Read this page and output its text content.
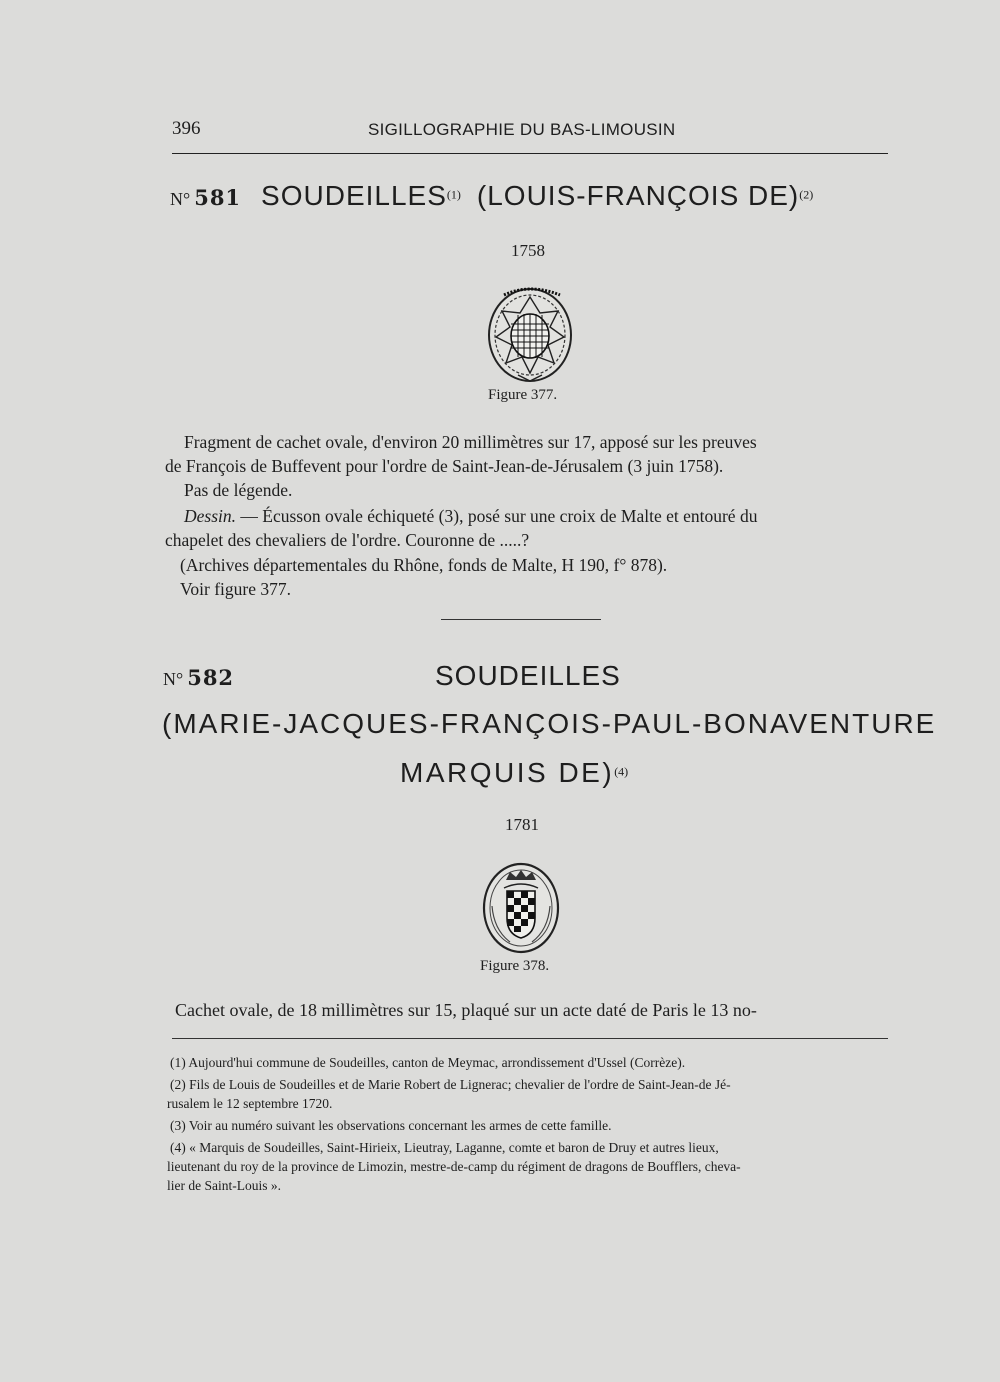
396	SIGILLOGRAPHIE DU BAS-LIMOUSIN
N° 581 SOUDEILLES$^{(1)}$ (LOUIS-FRANÇOIS DE)$^{(2)}$
1758
Figure 377.
Fragment de cachet ovale, d'environ 20 millimètres sur 17, apposé sur les preuves
de François de Buffevent pour l'ordre de Saint-Jean-de-Jérusalem (3 juin 1758).
Pas de légende.
Dessin. — Écusson ovale échiqueté (3), posé sur une croix de Malte et entouré du
chapelet des chevaliers de l'ordre. Couronne de .....?
(Archives départementales du Rhône, fonds de Malte, H 190, f° 878).
Voir figure 377.
N° 582	SOUDEILLES
(MARIE-JACQUES-FRANÇOIS-PAUL-BONAVENTURE
MARQUIS DE)$^{(4)}$
1781
Figure 378.
Cachet ovale, de 18 millimètres sur 15, plaqué sur un acte daté de Paris le 13 no-
(1) Aujourd'hui commune de Soudeilles, canton de Meymac, arrondissement d'Ussel (Corrèze).
(2) Fils de Louis de Soudeilles et de Marie Robert de Lignerac; chevalier de l'ordre de Saint-Jean-de Jé-
rusalem le 12 septembre 1720.
(3) Voir au numéro suivant les observations concernant les armes de cette famille.
(4) « Marquis de Soudeilles, Saint-Hirieix, Lieutray, Laganne, comte et baron de Druy et autres lieux,
lieutenant du roy de la province de Limozin, mestre-de-camp du régiment de dragons de Boufflers, cheva-
lier de Saint-Louis ».
